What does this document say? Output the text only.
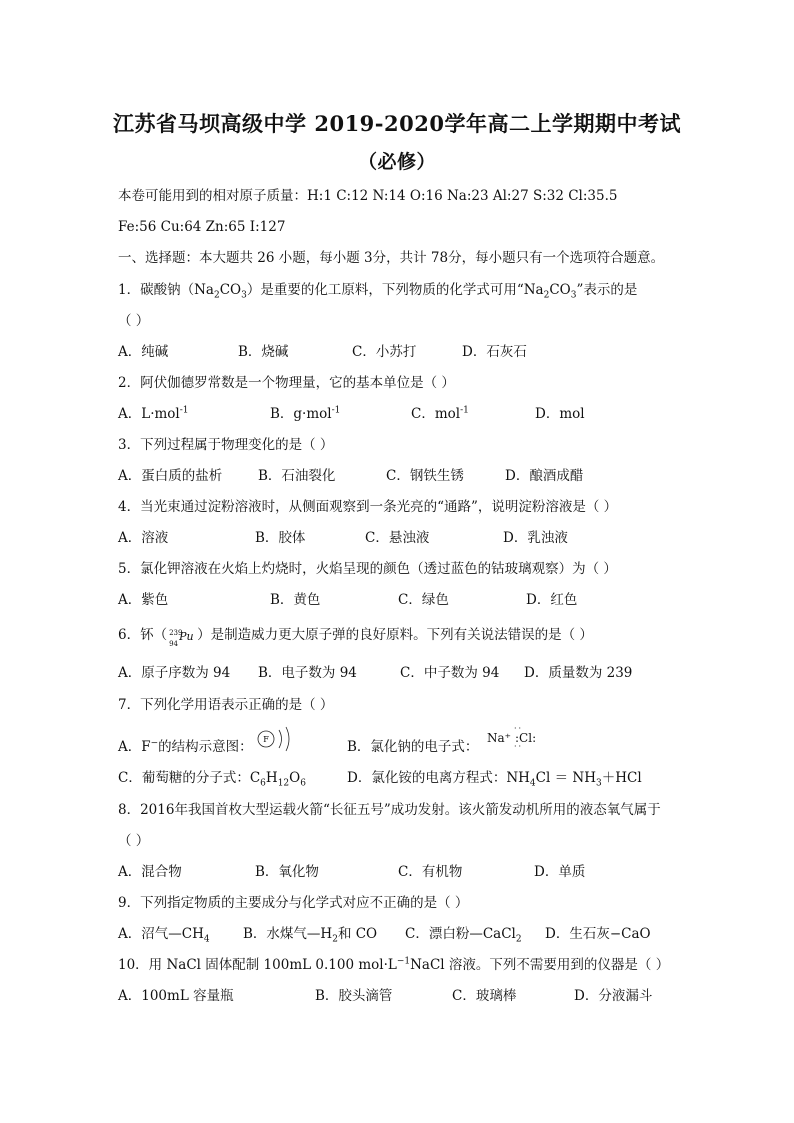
江苏省马坝高级中学 2019-2020学年高二上学期期中考试
（必修）
本卷可能用到的相对原子质量：H:1 C:12 N:14 O:16 Na:23 Al:27 S:32 Cl:35.5
Fe:56 Cu:64 Zn:65 I:127
一、选择题：本大题共 26 小题，每小题 3分，共计 78分，每小题只有一个选项符合题意。
1．碳酸钠$(Na_2CO_3)$是重要的化工原料，下列物质的化学式可用“$Na_2CO_3$”表示的是
（ ）
A．纯碱	B．烧碱	C．小苏打	D．石灰石
2．阿伏伽德罗常数是一个物理量，它的基本单位是（ ）
A．L·mol$^{-1}$	B．g·mol$^{-1}$	C．mol$^{-1}$	D．mol
3．下列过程属于物理变化的是（ ）
A．蛋白质的盐析	B．石油裂化	C．钢铁生锈	D．酿酒成醋
4．当光束通过淀粉溶液时，从侧面观察到一条光亮的“通路”，说明淀粉溶液是（ ）
A．溶液	B．胶体	C．悬浊液	D．乳浊液
5．氯化钾溶液在火焰上灼烧时，火焰呈现的颜色（透过蓝色的钴玻璃观察）为（ ）
A．紫色	B．黄色	C．绿色	D．红色
6．钚（ 239
94
Pu ）是制造威力更大原子弹的良好原料。下列有关说法错误的是（ ）
A．原子序数为 94 B．电子数为 94	C．中子数为 94 D．质量数为 239
7．下列化学用语表示正确的是（ ）
A．F−的结构示意图： F	B．氯化钠的电子式：
Na⁺
··
:Cl:
··
C．葡萄糖的分子式：$C_6H_{12}O_6$	D．氯化铵的电离方程式：$NH_4Cl = NH_3+HCl$
8．2016年我国首枚大型运载火箭“长征五号”成功发射。该火箭发动机所用的液态氧气属于
（ ）
A．混合物	B．氧化物	C．有机物	D．单质
9．下列指定物质的主要成分与化学式对应不正确的是（ ）
A．沼气$—CH_4$ B．水煤气$—H_2$和 CO C．漂白粉—CaCl$_2$ D．生石灰−CaO
10．用 NaCl 固体配制 100mL 0.100 $mol\cdot L^{-1}NaCl$ 溶液。下列不需要用到的仪器是（ ）
A．100mL 容量瓶	B．胶头滴管	C．玻璃棒	D．分液漏斗
